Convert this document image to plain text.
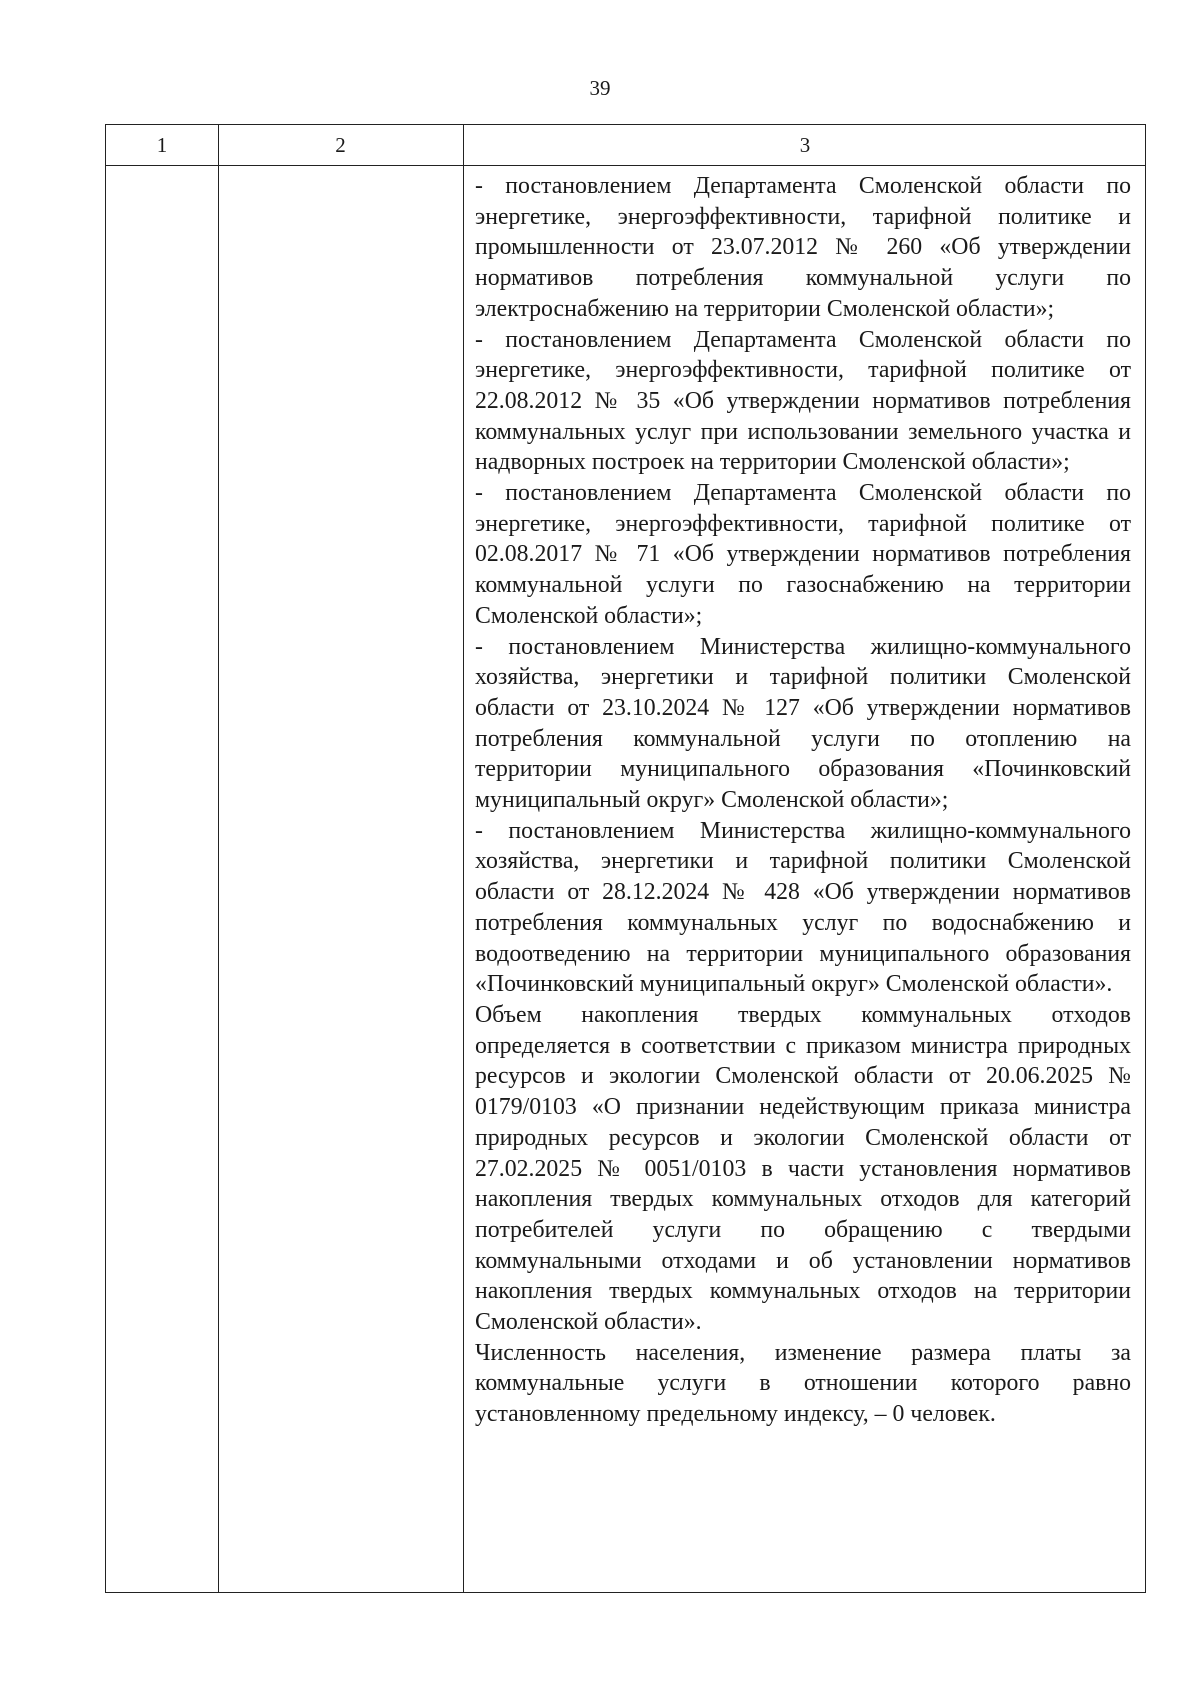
39
1	2	3

- постановлением Департамента Смоленской области по энергетике, энергоэффективности, тарифной политике и промышленности от 23.07.2012 № 260 «Об утверждении нормативов потребления коммунальной услуги по электроснабжению на территории Смоленской области»;

- постановлением Департамента Смоленской области по энергетике, энергоэффективности, тарифной политике от 22.08.2012 № 35 «Об утверждении нормативов потребления коммунальных услуг при использовании земельного участка и надворных построек на территории Смоленской области»;

- постановлением Департамента Смоленской области по энергетике, энергоэффективности, тарифной политике от 02.08.2017 № 71 «Об утверждении нормативов потребления коммунальной услуги по газоснабжению на территории Смоленской области»;

- постановлением Министерства жилищно-коммунального хозяйства, энергетики и тарифной политики Смоленской области от 23.10.2024 № 127 «Об утверждении нормативов потребления коммунальной услуги по отоплению на территории муниципального образования «Починковский муниципальный округ» Смоленской области»;

- постановлением Министерства жилищно-коммунального хозяйства, энергетики и тарифной политики Смоленской области от 28.12.2024 № 428 «Об утверждении нормативов потребления коммунальных услуг по водоснабжению и водоотведению на территории муниципального образования «Починковский муниципальный округ» Смоленской области».

Объем накопления твердых коммунальных отходов определяется в соответствии с приказом министра природных ресурсов и экологии Смоленской области от 20.06.2025 № 0179/0103 «О признании недействующим приказа министра природных ресурсов и экологии Смоленской области от 27.02.2025 № 0051/0103 в части установления нормативов накопления твердых коммунальных отходов для категорий потребителей услуги по обращению с твердыми коммунальными отходами и об установлении нормативов накопления твердых коммунальных отходов на территории Смоленской области».

Численность населения, изменение размера платы за коммунальные услуги в отношении которого равно установленному предельному индексу, – 0 человек.
